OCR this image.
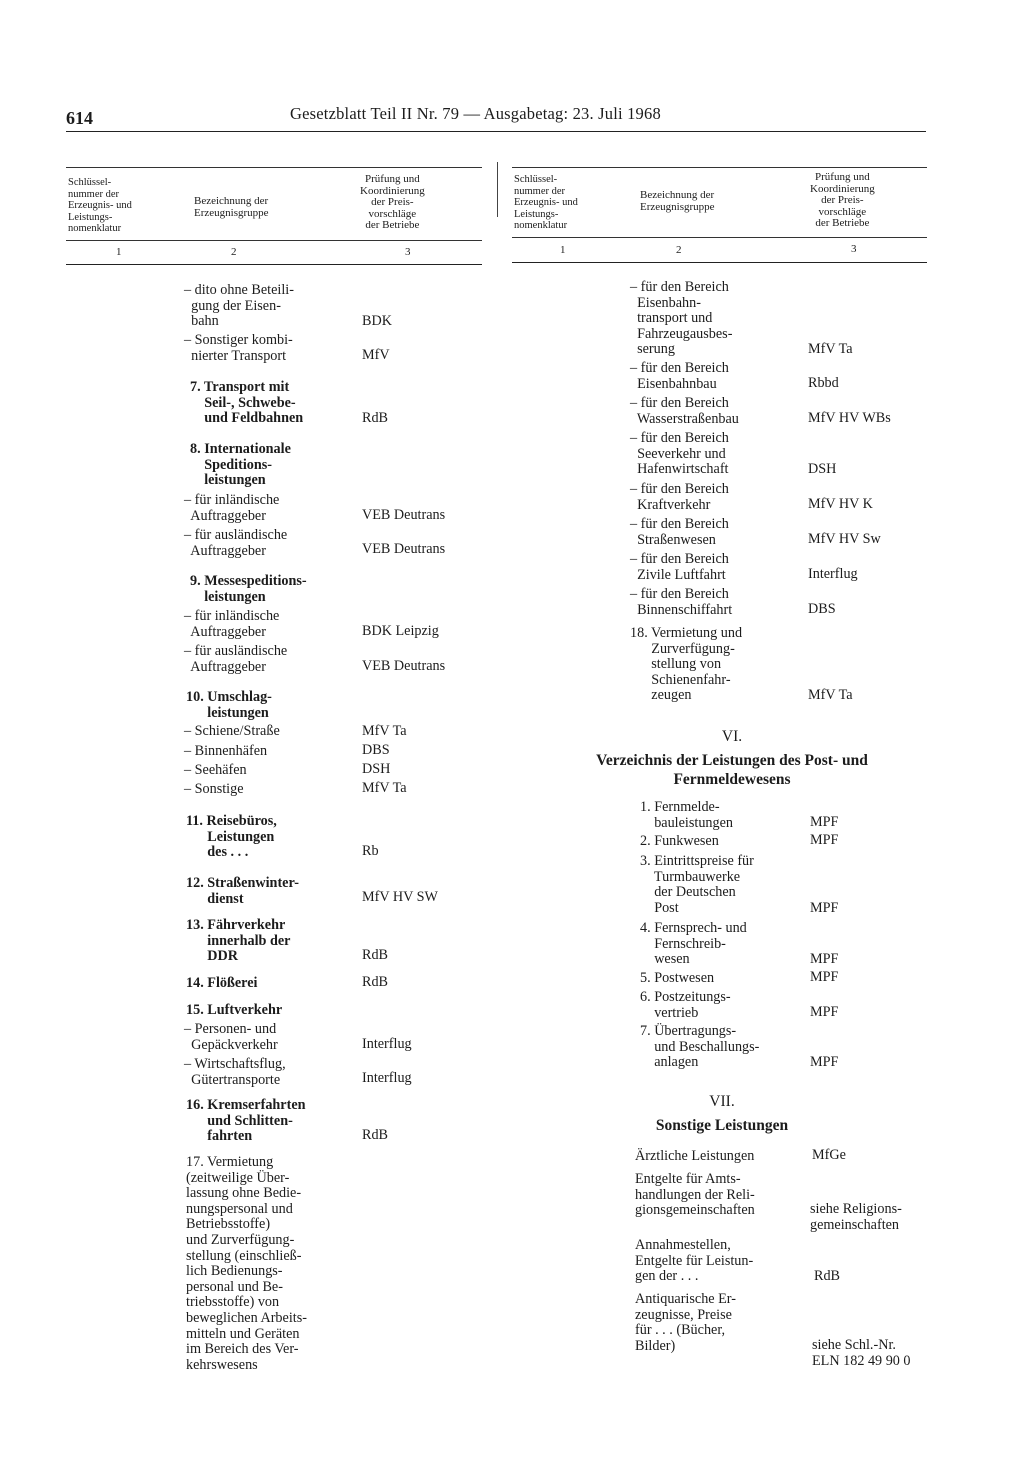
614	Gesetzblatt Teil II Nr. 79 — Ausgabetag: 23. Juli 1968
Schlüssel-
nummer der
Erzeugnis- und
Leistungs-
nomenklatur
Bezeichnung der
Erzeugnisgruppe
Prüfung und
Koordinierung
der Preis-
vorschläge
der Betriebe
1	2	3
Schlüssel-
nummer der
Erzeugnis- und
Leistungs-
nomenklatur
Bezeichnung der
Erzeugnisgruppe
Prüfung und
Koordinierung
der Preis-
vorschläge
der Betriebe
1	2	3
– dito ohne Beteili-
gung der Eisen-
bahn	BDK
– Sonstiger kombi-
nierter Transport	MfV
7. Transport mit
Seil-, Schwebe-
und Feldbahnen	RdB
8. Internationale
Speditions-
leistungen
– für inländische
Auftraggeber	VEB Deutrans
– für ausländische
Auftraggeber	VEB Deutrans
9. Messespeditions-
leistungen
– für inländische
Auftraggeber	BDK Leipzig
– für ausländische
Auftraggeber	VEB Deutrans
10. Umschlag-
leistungen
– Schiene/Straße	MfV Ta
– Binnenhäfen	DBS
– Seehäfen	DSH
– Sonstige	MfV Ta
11. Reisebüros,
Leistungen
des . . .	Rb
12. Straßenwinter-
dienst	MfV HV SW
13. Fährverkehr
innerhalb der
DDR	RdB
14. Flößerei	RdB
15. Luftverkehr
– Personen- und
Gepäckverkehr	Interflug
– Wirtschaftsflug,
Gütertransporte	Interflug
16. Kremserfahrten
und Schlitten-
fahrten	RdB
17. Vermietung
(zeitweilige Über-
lassung ohne Bedie-
nungspersonal und
Betriebsstoffe)
und Zurverfügung-
stellung (einschließ-
lich Bedienungs-
personal und Be-
triebsstoffe) von
beweglichen Arbeits-
mitteln und Geräten
im Bereich des Ver-
kehrswesens
– für den Bereich
Eisenbahn-
transport und
Fahrzeugausbes-
serung	MfV Ta
– für den Bereich
Eisenbahnbau	Rbbd
– für den Bereich
Wasserstraßenbau	MfV HV WBs
– für den Bereich
Seeverkehr und
Hafenwirtschaft	DSH
– für den Bereich
Kraftverkehr	MfV HV K
– für den Bereich
Straßenwesen	MfV HV Sw
– für den Bereich
Zivile Luftfahrt	Interflug
– für den Bereich
Binnenschiffahrt	DBS
18. Vermietung und
Zurverfügung-
stellung von
Schienenfahr-
zeugen	MfV Ta
VI.
Verzeichnis der Leistungen des Post- und
Fernmeldewesens
1. Fernmelde-
bauleistungen	MPF
2. Funkwesen	MPF
3. Eintrittspreise für
Turmbauwerke
der Deutschen
Post	MPF
4. Fernsprech- und
Fernschreib-
wesen	MPF
5. Postwesen	MPF
6. Postzeitungs-
vertrieb	MPF
7. Übertragungs-
und Beschallungs-
anlagen	MPF
VII.
Sonstige Leistungen
Ärztliche Leistungen	MfGe
Entgelte für Amts-
handlungen der Reli-
gionsgemeinschaften	siehe Religions-
gemeinschaften
Annahmestellen,
Entgelte für Leistun-
gen der . . .	RdB
Antiquarische Er-
zeugnisse, Preise
für . . . (Bücher,
Bilder)	siehe Schl.-Nr.
ELN 182 49 90 0
